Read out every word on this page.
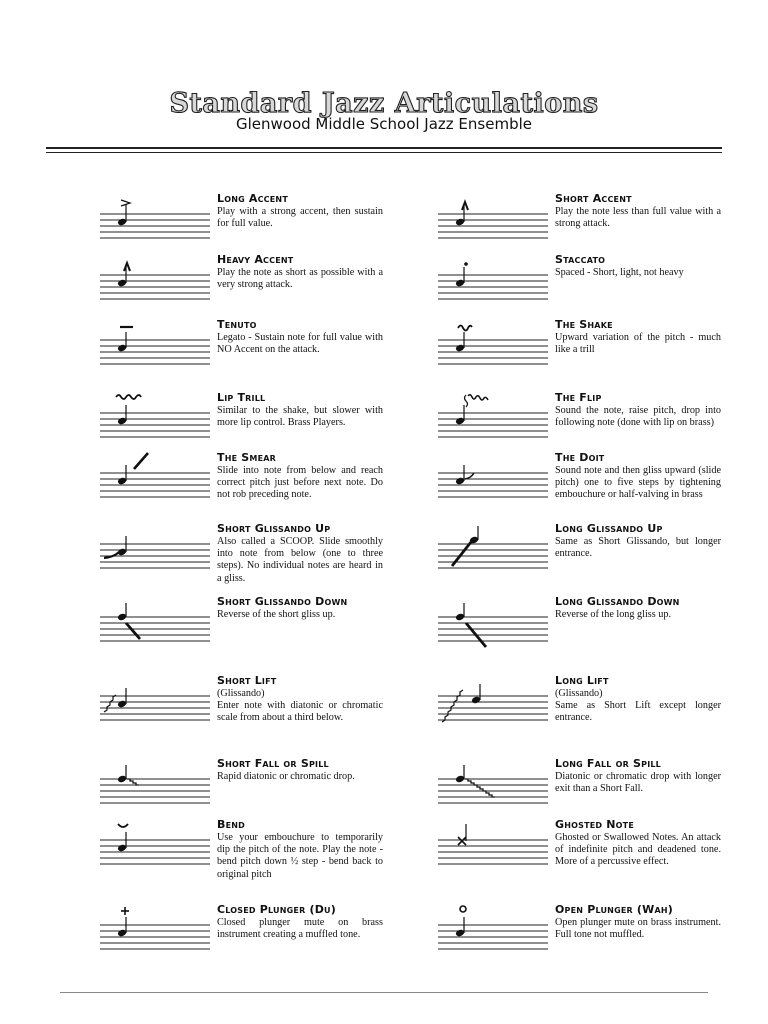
Standard Jazz Articulations
Glenwood Middle School Jazz Ensemble
Long Accent
Play with a strong accent, then sustain for full value.
Short Accent
Play the note less than full value with a strong attack.
Heavy Accent
Play the note as short as possible with a very strong attack.
Staccato
Spaced - Short, light, not heavy
Tenuto
Legato - Sustain note for full value with NO Accent on the attack.
The Shake
Upward variation of the pitch - much like a trill
Lip Trill
Similar to the shake, but slower with more lip control. Brass Players.
The Flip
Sound the note, raise pitch, drop into following note (done with lip on brass)
The Smear
Slide into note from below and reach correct pitch just before next note. Do not rob preceding note.
The Doit
Sound note and then gliss upward (slide pitch) one to five steps by tightening embouchure or half-valving in brass
Short Glissando Up
Also called a SCOOP. Slide smoothly into note from below (one to three steps). No individual notes are heard in a gliss.
Long Glissando Up
Same as Short Glissando, but longer entrance.
Short Glissando Down
Reverse of the short gliss up.
Long Glissando Down
Reverse of the long gliss up.
Short Lift
(Glissando)
Enter note with diatonic or chromatic scale from about a third below.
Long Lift
(Glissando)
Same as Short Lift except longer entrance.
Short Fall or Spill
Rapid diatonic or chromatic drop.
Long Fall or Spill
Diatonic or chromatic drop with longer exit than a Short Fall.
Bend
Use your embouchure to temporarily dip the pitch of the note. Play the note - bend pitch down ½ step - bend back to original pitch
Ghosted Note
Ghosted or Swallowed Notes. An attack of indefinite pitch and deadened tone. More of a percussive effect.
Closed Plunger (Du)
Closed plunger mute on brass instrument creating a muffled tone.
Open Plunger (Wah)
Open plunger mute on brass instrument. Full tone not muffled.
